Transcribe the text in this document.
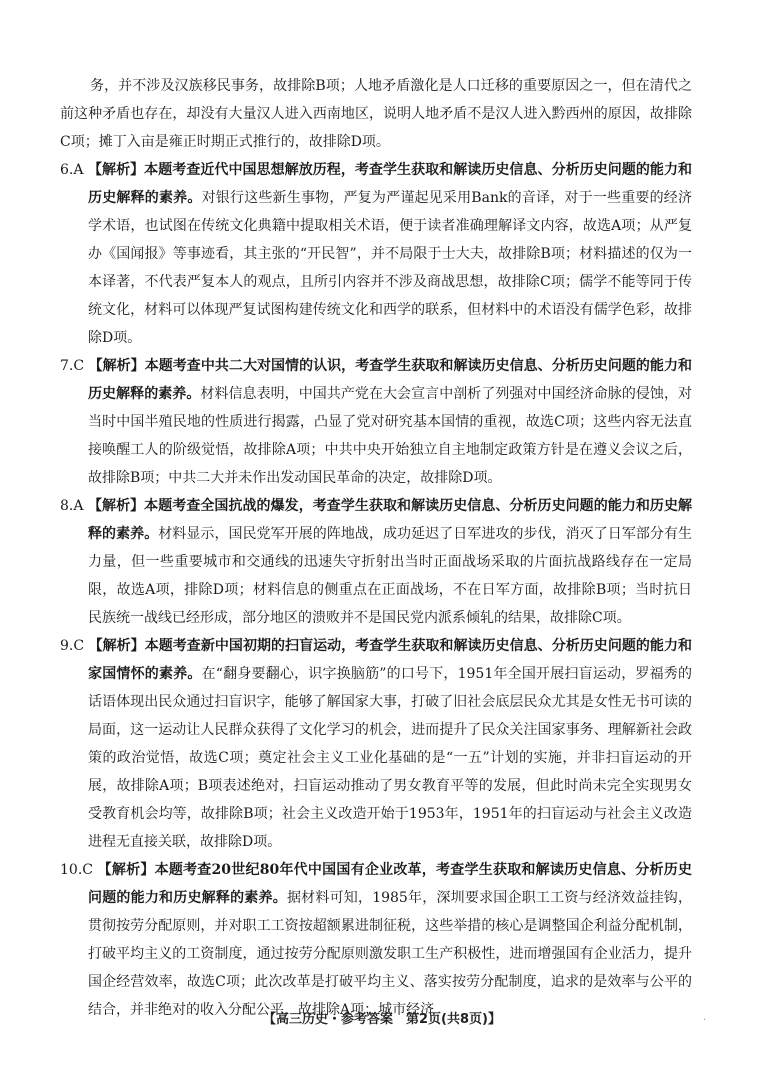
务，并不涉及汉族移民事务，故排除B项；人地矛盾激化是人口迁移的重要原因之一，但在清代之前这种矛盾也存在，却没有大量汉人进入西南地区，说明人地矛盾不是汉人进入黔西州的原因，故排除C项；摊丁入亩是雍正时期正式推行的，故排除D项。

6.A 【解析】本题考查近代中国思想解放历程，考查学生获取和解读历史信息、分析历史问题的能力和历史解释的素养。对银行这些新生事物，严复为严谨起见采用Bank的音译，对于一些重要的经济学术语，也试图在传统文化典籍中提取相关术语，便于读者准确理解译文内容，故选A项；从严复办《国闻报》等事迹看，其主张的“开民智”，并不局限于士大夫，故排除B项；材料描述的仅为一本译著，不代表严复本人的观点，且所引内容并不涉及商战思想，故排除C项；儒学不能等同于传统文化，材料可以体现严复试图构建传统文化和西学的联系，但材料中的术语没有儒学色彩，故排除D项。

7.C 【解析】本题考查中共二大对国情的认识，考查学生获取和解读历史信息、分析历史问题的能力和历史解释的素养。材料信息表明，中国共产党在大会宣言中剖析了列强对中国经济命脉的侵蚀，对当时中国半殖民地的性质进行揭露，凸显了党对研究基本国情的重视，故选C项；这些内容无法直接唤醒工人的阶级觉悟，故排除A项；中共中央开始独立自主地制定政策方针是在遵义会议之后，故排除B项；中共二大并未作出发动国民革命的决定，故排除D项。

8.A 【解析】本题考查全国抗战的爆发，考查学生获取和解读历史信息、分析历史问题的能力和历史解释的素养。材料显示，国民党军开展的阵地战，成功延迟了日军进攻的步伐，消灭了日军部分有生力量，但一些重要城市和交通线的迅速失守折射出当时正面战场采取的片面抗战路线存在一定局限，故选A项，排除D项；材料信息的侧重点在正面战场，不在日军方面，故排除B项；当时抗日民族统一战线已经形成，部分地区的溃败并不是国民党内派系倾轧的结果，故排除C项。

9.C 【解析】本题考查新中国初期的扫盲运动，考查学生获取和解读历史信息、分析历史问题的能力和家国情怀的素养。在“翻身要翻心，识字换脑筋”的口号下，1951年全国开展扫盲运动，罗福秀的话语体现出民众通过扫盲识字，能够了解国家大事，打破了旧社会底层民众尤其是女性无书可读的局面，这一运动让人民群众获得了文化学习的机会，进而提升了民众关注国家事务、理解新社会政策的政治觉悟，故选C项；奠定社会主义工业化基础的是“一五”计划的实施，并非扫盲运动的开展，故排除A项；B项表述绝对，扫盲运动推动了男女教育平等的发展，但此时尚未完全实现男女受教育机会均等，故排除B项；社会主义改造开始于1953年，1951年的扫盲运动与社会主义改造进程无直接关联，故排除D项。

10.C 【解析】本题考查20世纪80年代中国国有企业改革，考查学生获取和解读历史信息、分析历史问题的能力和历史解释的素养。据材料可知，1985年，深圳要求国企职工工资与经济效益挂钩，贯彻按劳分配原则，并对职工工资按超额累进制征税，这些举措的核心是调整国企利益分配机制，打破平均主义的工资制度，通过按劳分配原则激发职工生产积极性，进而增强国有企业活力，提升国企经营效率，故选C项；此次改革是打破平均主义、落实按劳分配制度，追求的是效率与公平的结合，并非绝对的收入分配公平，故排除A项；城市经济

【高三历史・参考答案　第2页(共8页)】	.
